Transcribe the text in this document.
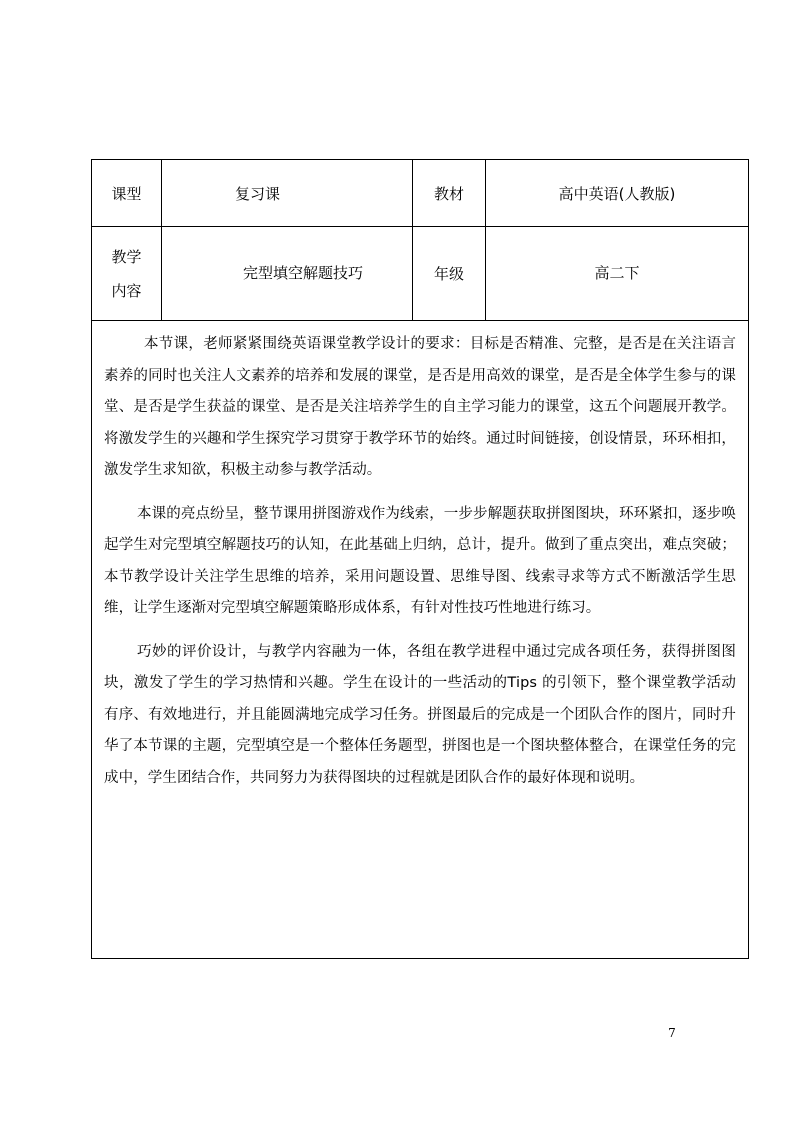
课型	复习课	教材	高中英语(人教版)

教学
内容	完型填空解题技巧	年级	高二下

本节课，老师紧紧围绕英语课堂教学设计的要求：目标是否精准、完整，是否是在关注语言素养的同时也关注人文素养的培养和发展的课堂，是否是用高效的课堂，是否是全体学生参与的课堂、是否是学生获益的课堂、是否是关注培养学生的自主学习能力的课堂，这五个问题展开教学。将激发学生的兴趣和学生探究学习贯穿于教学环节的始终。通过时间链接，创设情景，环环相扣，激发学生求知欲，积极主动参与教学活动。

本课的亮点纷呈，整节课用拼图游戏作为线索，一步步解题获取拼图图块，环环紧扣，逐步唤起学生对完型填空解题技巧的认知，在此基础上归纳，总计，提升。做到了重点突出，难点突破；本节教学设计关注学生思维的培养，采用问题设置、思维导图、线索寻求等方式不断激活学生思维，让学生逐渐对完型填空解题策略形成体系，有针对性技巧性地进行练习。

巧妙的评价设计，与教学内容融为一体，各组在教学进程中通过完成各项任务，获得拼图图块，激发了学生的学习热情和兴趣。学生在设计的一些活动的Tips 的引领下，整个课堂教学活动有序、有效地进行，并且能圆满地完成学习任务。拼图最后的完成是一个团队合作的图片，同时升华了本节课的主题，完型填空是一个整体任务题型，拼图也是一个图块整体整合，在课堂任务的完成中，学生团结合作，共同努力为获得图块的过程就是团队合作的最好体现和说明。			

7
